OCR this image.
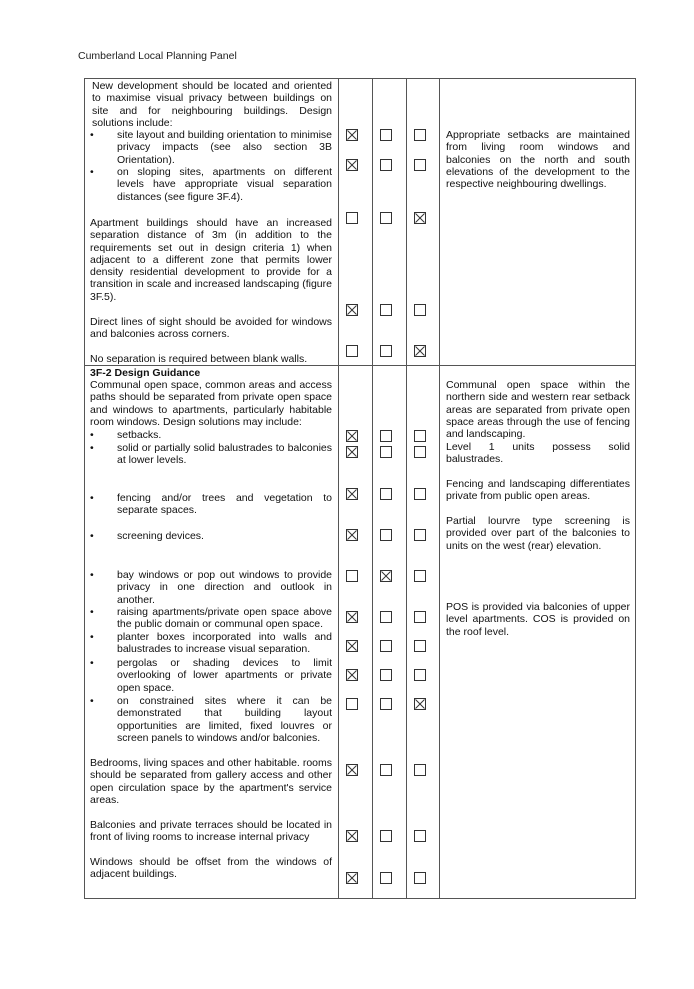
Cumberland Local Planning Panel
New development should be located and oriented to maximise visual privacy between buildings on site and for neighbouring buildings. Design solutions include:
• site layout and building orientation to minimise privacy impacts (see also section 3B Orientation).
• on sloping sites, apartments on different levels have appropriate visual separation distances (see figure 3F.4).
Apartment buildings should have an increased separation distance of 3m (in addition to the requirements set out in design criteria 1) when adjacent to a different zone that permits lower density residential development to provide for a transition in scale and increased landscaping (figure 3F.5).
Direct lines of sight should be avoided for windows and balconies across corners.
No separation is required between blank walls.
Appropriate setbacks are maintained from living room windows and balconies on the north and south elevations of the development to the respective neighbouring dwellings.
3F-2 Design Guidance
Communal open space, common areas and access paths should be separated from private open space and windows to apartments, particularly habitable room windows. Design solutions may include:
• setbacks.
• solid or partially solid balustrades to balconies at lower levels.
• fencing and/or trees and vegetation to separate spaces.
• screening devices.
• bay windows or pop out windows to provide privacy in one direction and outlook in another.
• raising apartments/private open space above the public domain or communal open space.
• planter boxes incorporated into walls and balustrades to increase visual separation.
• pergolas or shading devices to limit overlooking of lower apartments or private open space.
• on constrained sites where it can be demonstrated that building layout opportunities are limited, fixed louvres or screen panels to windows and/or balconies.
Bedrooms, living spaces and other habitable. rooms should be separated from gallery access and other open circulation space by the apartment's service areas.
Balconies and private terraces should be located in front of living rooms to increase internal privacy
Windows should be offset from the windows of adjacent buildings.
Communal open space within the northern side and western rear setback areas are separated from private open space areas through the use of fencing and landscaping.
Level 1 units possess solid balustrades.
Fencing and landscaping differentiates private from public open areas.
Partial lourvre type screening is provided over part of the balconies to units on the west (rear) elevation.
POS is provided via balconies of upper level apartments. COS is provided on the roof level.
